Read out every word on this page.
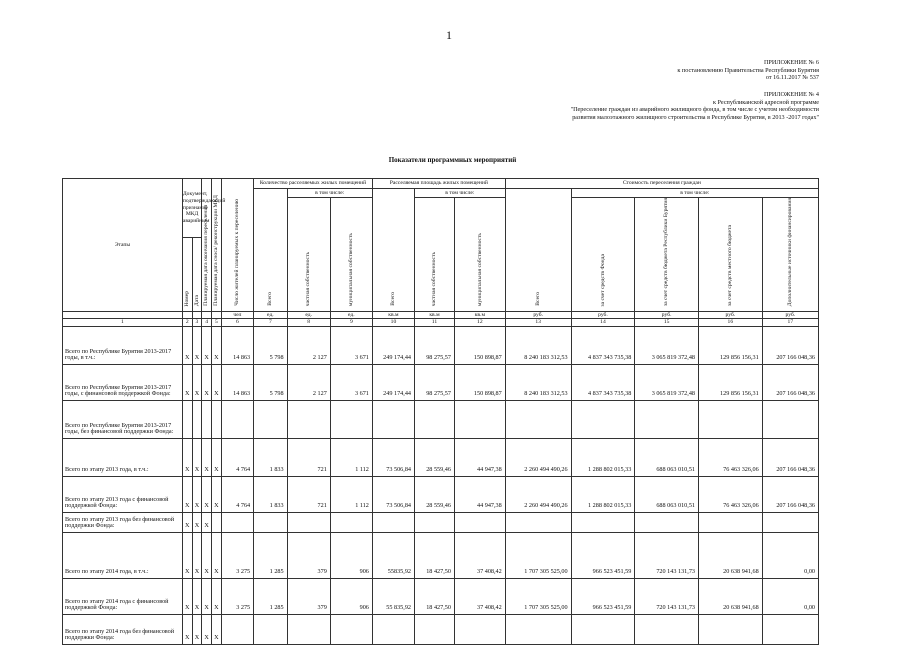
1
ПРИЛОЖЕНИЕ № 6
к постановлению Правительства Республики Бурятия
от 16.11.2017 № 537
ПРИЛОЖЕНИЕ № 4
к Республиканской адресной программе
"Переселение граждан из аварийного жилищного фонда, в том числе с учетом необходимости
развития малоэтажного жилищного строительства в Республике Бурятия, в 2013 -2017 годах"
Показатели программных мероприятий
Этапы	Документ, подтверждающий признание МКД аварийным		Планируемая дата окончания переселения	Планируемая дата сноса/ реконструкции МКД	Число жителей планируемых к переселению	Количество расселяемых жилых помещений			Расселяемая площадь жилых помещений			Стоимость переселения граждан				
						Всего	в том числе:		Всего	в том числе:		Всего	в том числе:			
							частная собственность	муниципальная собственность		частная собственность	муниципальная собственность		за счет средств Фонда	за счет средств бюджета Республики Бурятия	за счет средств местного бюджета	Дополнительные источники финансирования
	Номер	Дата														
					чел	ед.	ед.	ед.	кв.м	кв.м	кв.м	руб.	руб.	руб.	руб.	руб.
1	2	3	4	5	6	7	8	9	10	11	12	13	14	15	16	17
Всего по Республике Бурятия 2013-2017 годы, в т.ч.:	Х	Х	Х	Х	14 863	5 798	2 127	3 671	249 174,44	98 275,57	150 898,87	8 240 183 312,53	4 837 343 735,38	3 065 819 372,48	129 856 156,31	207 166 048,36
Всего по Республике Бурятия 2013-2017 годы, с финансовой поддержкой Фонда:	Х	Х	Х	Х	14 863	5 798	2 127	3 671	249 174,44	98 275,57	150 898,87	8 240 183 312,53	4 837 343 735,38	3 065 819 372,48	129 856 156,31	207 166 048,36
Всего по Республике Бурятия 2013-2017 годы, без финансовой поддержки Фонда:																
Всего по этапу 2013 года, в т.ч.:	Х	Х	Х	Х	4 764	1 833	721	1 112	73 506,84	28 559,46	44 947,38	2 260 494 490,26	1 288 802 015,33	688 063 010,51	76 463 326,06	207 166 048,36
Всего по этапу 2013 года с финансовой поддержкой Фонда:	Х	Х	Х	Х	4 764	1 833	721	1 112	73 506,84	28 559,46	44 947,38	2 260 494 490,26	1 288 802 015,33	688 063 010,51	76 463 326,06	207 166 048,36
Всего по этапу 2013 года без финансовой поддержки Фонда:	Х	Х	Х													
Всего по этапу 2014 года, в т.ч.:	Х	Х	Х	Х	3 275	1 285	379	906	55835,92	18 427,50	37 408,42	1 707 305 525,00	966 523 451,59	720 143 131,73	20 638 941,68	0,00
Всего по этапу 2014 года с финансовой поддержкой Фонда:	Х	Х	Х	Х	3 275	1 285	379	906	55 835,92	18 427,50	37 408,42	1 707 305 525,00	966 523 451,59	720 143 131,73	20 638 941,68	0,00
Всего по этапу 2014 года без финансовой поддержки Фонда:	Х	Х	Х	Х												
